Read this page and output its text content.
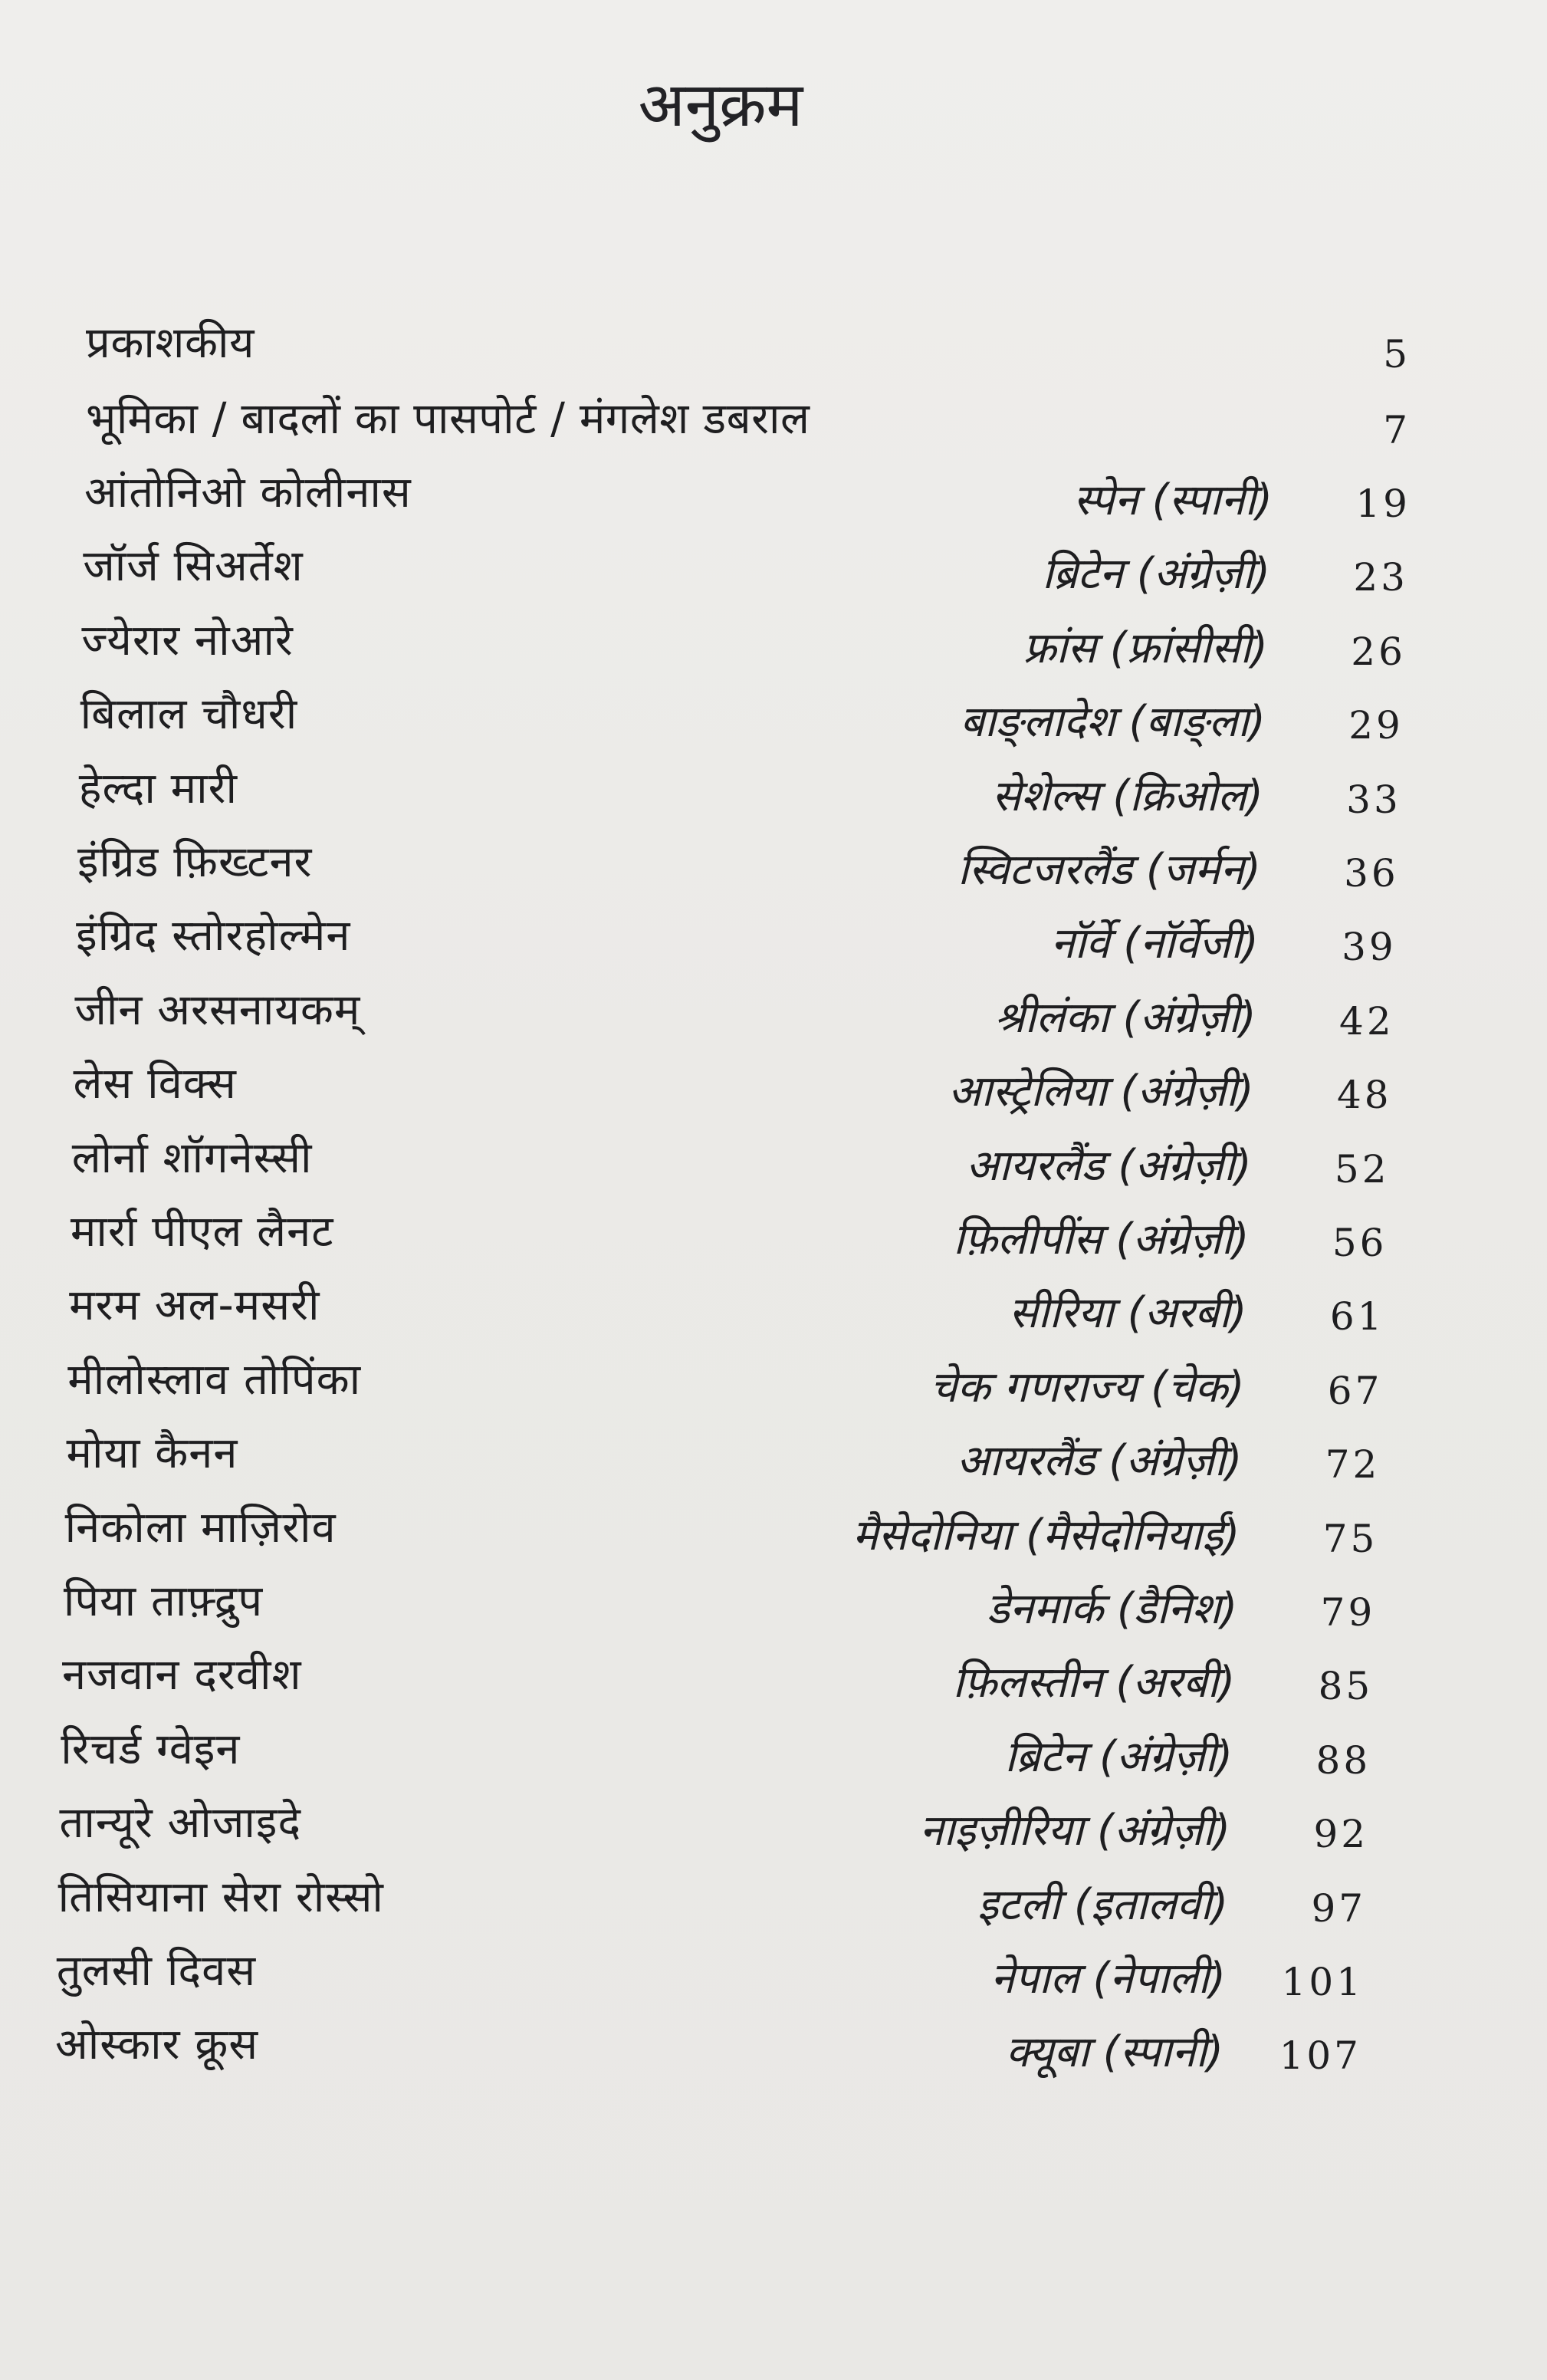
अनुक्रम
प्रकाशकीय	5
भूमिका / बादलों का पासपोर्ट / मंगलेश डबराल	7
आंतोनिओ कोलीनास	स्पेन (स्पानी) 19
जॉर्ज सिअर्तेश	ब्रिटेन (अंग्रेज़ी) 23
ज्येरार नोआरे	फ्रांस (फ्रांसीसी) 26
बिलाल चौधरी	बाङ्लादेश (बाङ्ला) 29
हेल्दा मारी	सेशेल्स (क्रिओल) 33
इंग्रिड फ़िख्टनर	स्विटजरलैंड (जर्मन) 36
इंग्रिद स्तोरहोल्मेन	नॉर्वे (नॉर्वेजी) 39
जीन अरसनायकम्	श्रीलंका (अंग्रेज़ी) 42
लेस विक्स	आस्ट्रेलिया (अंग्रेज़ी) 48
लोर्ना शॉगनेस्सी	आयरलैंड (अंग्रेज़ी) 52
मार्रा पीएल लैनट	फ़िलीपींस (अंग्रेज़ी) 56
मरम अल-मसरी	सीरिया (अरबी) 61
मीलोस्लाव तोपिंका	चेक गणराज्य (चेक) 67
मोया कैनन	आयरलैंड (अंग्रेज़ी) 72
निकोला माज़िरोव	मैसेदोनिया (मैसेदोनियाई) 75
पिया ताफ़्द्रुप	डेनमार्क (डैनिश) 79
नजवान दरवीश	फ़िलस्तीन (अरबी) 85
रिचर्ड ग्वेइन	ब्रिटेन (अंग्रेज़ी) 88
तान्यूरे ओजाइदे	नाइज़ीरिया (अंग्रेज़ी) 92
तिसियाना सेरा रोस्सो	इटली (इतालवी) 97
तुलसी दिवस	नेपाल (नेपाली) 101
ओस्कार क्रूस	क्यूबा (स्पानी) 107
